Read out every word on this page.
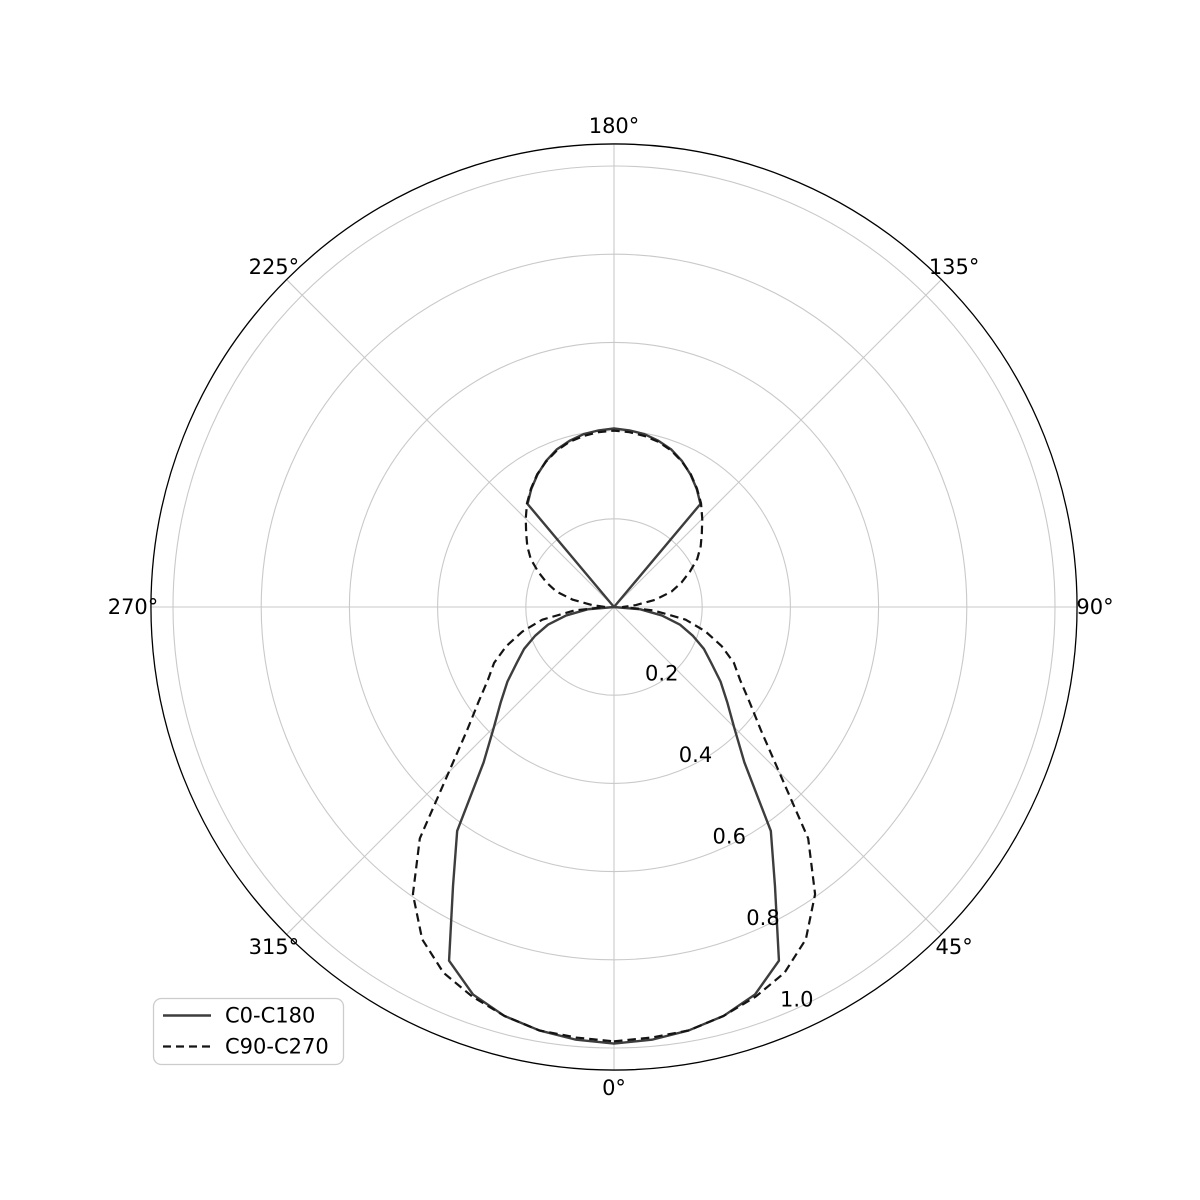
0°
45°
90°
135°
180°
225°
270°
315°
0.2
0.4
0.6
0.8
1.0
C0-C180
C90-C270
